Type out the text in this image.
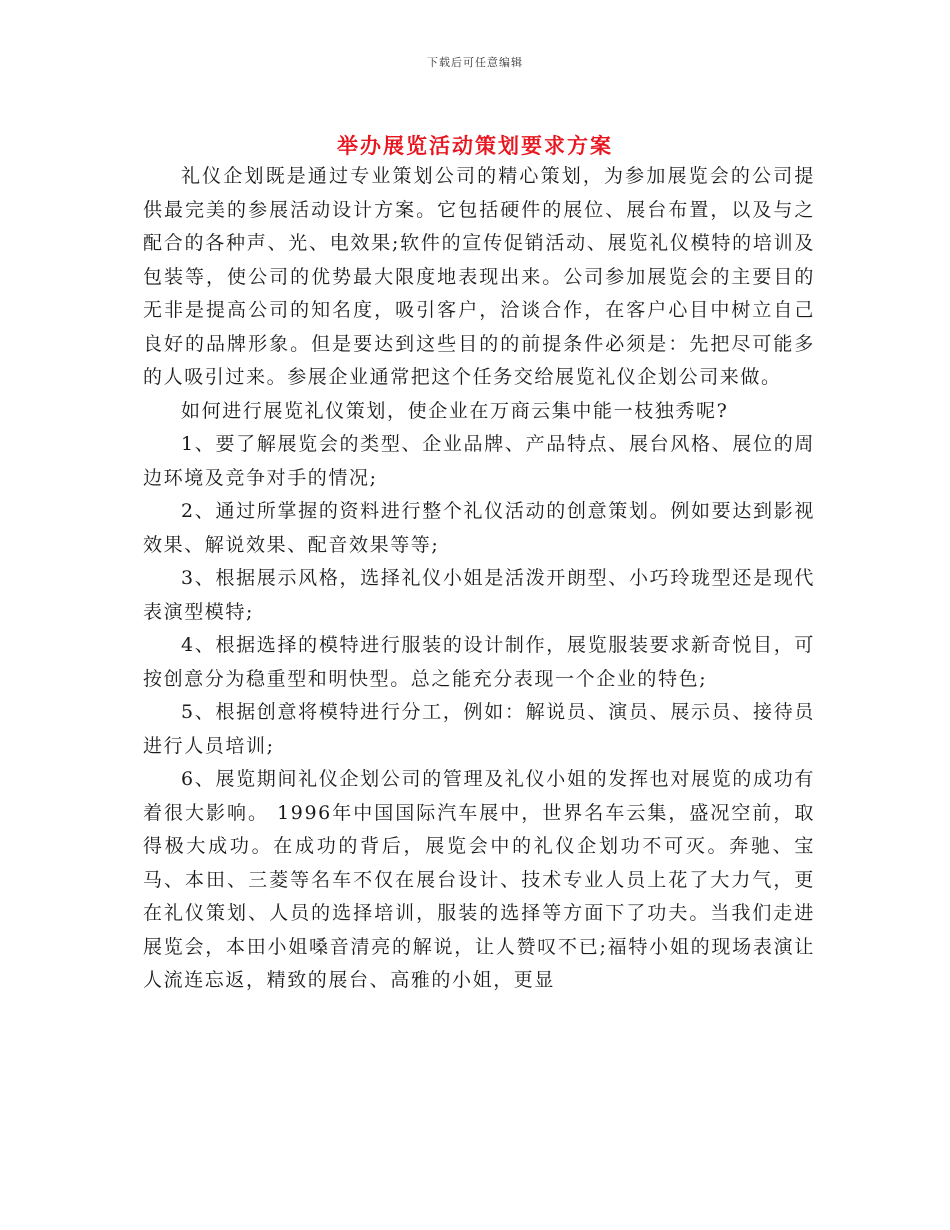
下载后可任意编辑
举办展览活动策划要求方案

礼仪企划既是通过专业策划公司的精心策划，为参加展览会的公司提供最完美的参展活动设计方案。它包括硬件的展位、展台布置，以及与之配合的各种声、光、电效果;软件的宣传促销活动、展览礼仪模特的培训及包装等，使公司的优势最大限度地表现出来。公司参加展览会的主要目的无非是提高公司的知名度，吸引客户，洽谈合作，在客户心目中树立自己良好的品牌形象。但是要达到这些目的的前提条件必须是：先把尽可能多的人吸引过来。参展企业通常把这个任务交给展览礼仪企划公司来做。

如何进行展览礼仪策划，使企业在万商云集中能一枝独秀呢?

1、要了解展览会的类型、企业品牌、产品特点、展台风格、展位的周边环境及竞争对手的情况;

2、通过所掌握的资料进行整个礼仪活动的创意策划。例如要达到影视效果、解说效果、配音效果等等;

3、根据展示风格，选择礼仪小姐是活泼开朗型、小巧玲珑型还是现代表演型模特;

4、根据选择的模特进行服装的设计制作，展览服装要求新奇悦目，可按创意分为稳重型和明快型。总之能充分表现一个企业的特色;

5、根据创意将模特进行分工，例如：解说员、演员、展示员、接待员进行人员培训;

6、展览期间礼仪企划公司的管理及礼仪小姐的发挥也对展览的成功有着很大影响。 1996年中国国际汽车展中，世界名车云集，盛况空前，取得极大成功。在成功的背后，展览会中的礼仪企划功不可灭。奔驰、宝马、本田、三菱等名车不仅在展台设计、技术专业人员上花了大力气，更在礼仪策划、人员的选择培训，服装的选择等方面下了功夫。当我们走进展览会，本田小姐嗓音清亮的解说，让人赞叹不已;福特小姐的现场表演让人流连忘返，精致的展台、高雅的小姐，更显
